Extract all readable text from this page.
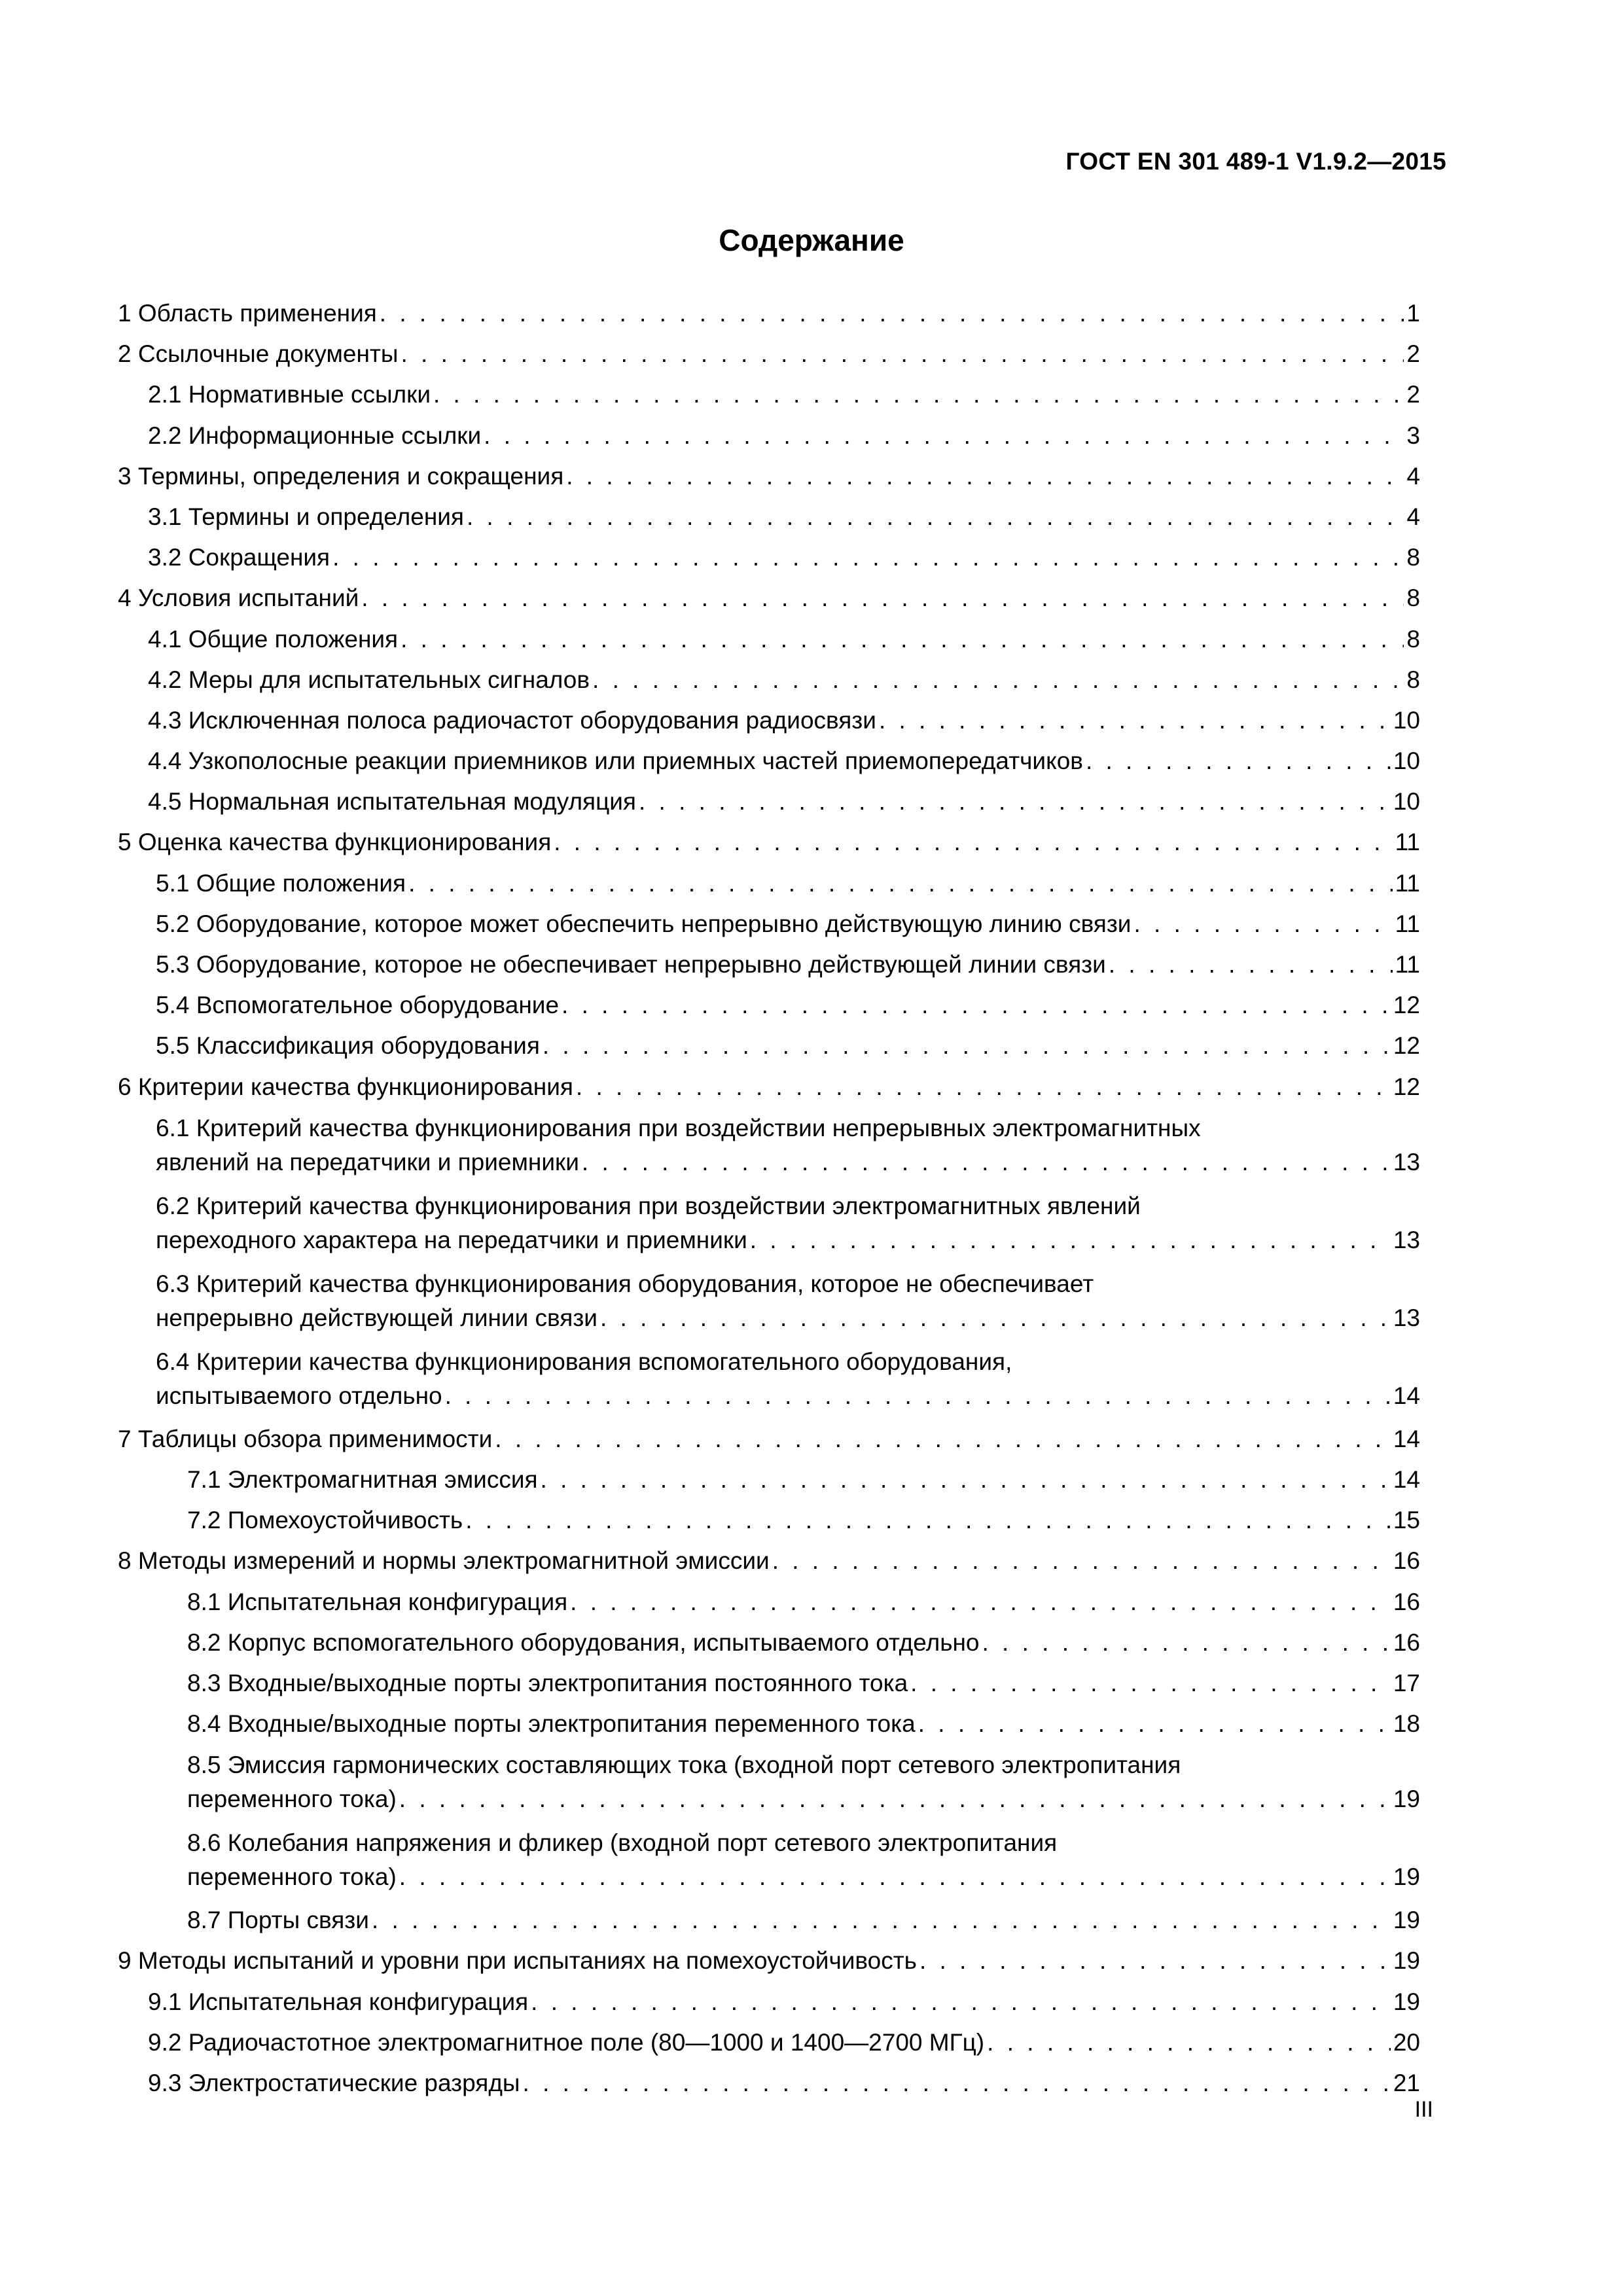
ГОСТ EN 301 489-1 V1.9.2—2015
Содержание
1 Область применения . . .	1
2 Ссылочные документы . . .	2
2.1 Нормативные ссылки . . .	2
2.2 Информационные ссылки . . .	3
3 Термины, определения и сокращения . . .	4
3.1 Термины и определения . . .	4
3.2 Сокращения . . .	8
4 Условия испытаний . . .	8
4.1 Общие положения . . .	8
4.2 Меры для испытательных сигналов . . .	8
4.3 Исключенная полоса радиочастот оборудования радиосвязи . . .	10
4.4 Узкополосные реакции приемников или приемных частей приемопередатчиков . . .	10
4.5 Нормальная испытательная модуляция . . .	10
5 Оценка качества функционирования . . .	11
5.1 Общие положения . . .	11
5.2 Оборудование, которое может обеспечить непрерывно действующую линию связи . . .	11
5.3 Оборудование, которое не обеспечивает непрерывно действующей линии связи . . .	11
5.4 Вспомогательное оборудование . . .	12
5.5 Классификация оборудования . . .	12
6 Критерии качества функционирования . . .	12
6.1 Критерий качества функционирования при воздействии непрерывных электромагнитных
явлений на передатчики и приемники . . .	13
6.2 Критерий качества функционирования при воздействии электромагнитных явлений
переходного характера на передатчики и приемники . . .	13
6.3 Критерий качества функционирования оборудования, которое не обеспечивает
непрерывно действующей линии связи . . .	13
6.4 Критерии качества функционирования вспомогательного оборудования,
испытываемого отдельно . . .	14
7 Таблицы обзора применимости . . .	14
7.1 Электромагнитная эмиссия . . .	14
7.2 Помехоустойчивость . . .	15
8 Методы измерений и нормы электромагнитной эмиссии . . .	16
8.1 Испытательная конфигурация . . .	16
8.2 Корпус вспомогательного оборудования, испытываемого отдельно . . .	16
8.3 Входные/выходные порты электропитания постоянного тока . . .	17
8.4 Входные/выходные порты электропитания переменного тока . . .	18
8.5 Эмиссия гармонических составляющих тока (входной порт сетевого электропитания
переменного тока) . . .	19
8.6 Колебания напряжения и фликер (входной порт сетевого электропитания
переменного тока) . . .	19
8.7 Порты связи . . .	19
9 Методы испытаний и уровни при испытаниях на помехоустойчивость . . .	19
9.1 Испытательная конфигурация . . .	19
9.2 Радиочастотное электромагнитное поле (80—1000 и 1400—2700 МГц) . . .	20
9.3 Электростатические разряды . . .	21
III
